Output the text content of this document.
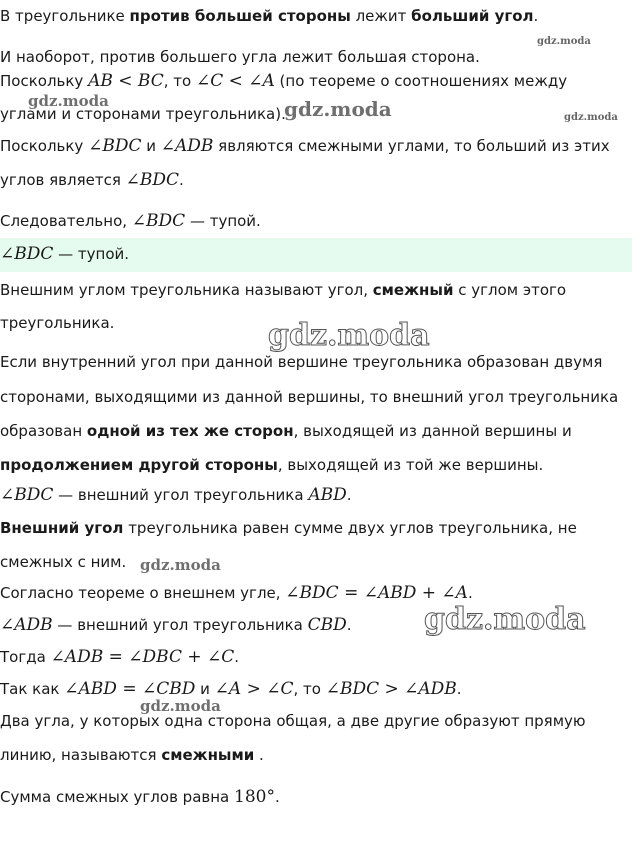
В треугольнике против большей стороны лежит больший угол.
И наоборот, против большего угла лежит большая сторона.
Поскольку AB < BC, то ∠C < ∠A (по теореме о соотношениях между
углами и сторонами треугольника).
Поскольку ∠BDC и ∠ADB являются смежными углами, то больший из этих
углов является ∠BDC.
Следовательно, ∠BDC — тупой.
∠BDC — тупой.
Внешним углом треугольника называют угол, смежный с углом этого
треугольника.
Если внутренний угол при данной вершине треугольника образован двумя
сторонами, выходящими из данной вершины, то внешний угол треугольника
образован одной из тех же сторон, выходящей из данной вершины и
продолжением другой стороны, выходящей из той же вершины.
∠BDC — внешний угол треугольника ABD.
Внешний угол треугольника равен сумме двух углов треугольника, не
смежных с ним.
Согласно теореме о внешнем угле, ∠BDC = ∠ABD + ∠A.
∠ADB — внешний угол треугольника CBD.
Тогда ∠ADB = ∠DBC + ∠C.
Так как ∠ABD = ∠CBD и ∠A > ∠C, то ∠BDC > ∠ADB.
Два угла, у которых одна сторона общая, а две другие образуют прямую
линию, называются смежными .
Сумма смежных углов равна 180°.
gdz.moda
gdz.moda	gdz.moda	gdz.moda
gdz.moda
gdz.moda
gdz.moda
gdz.moda
